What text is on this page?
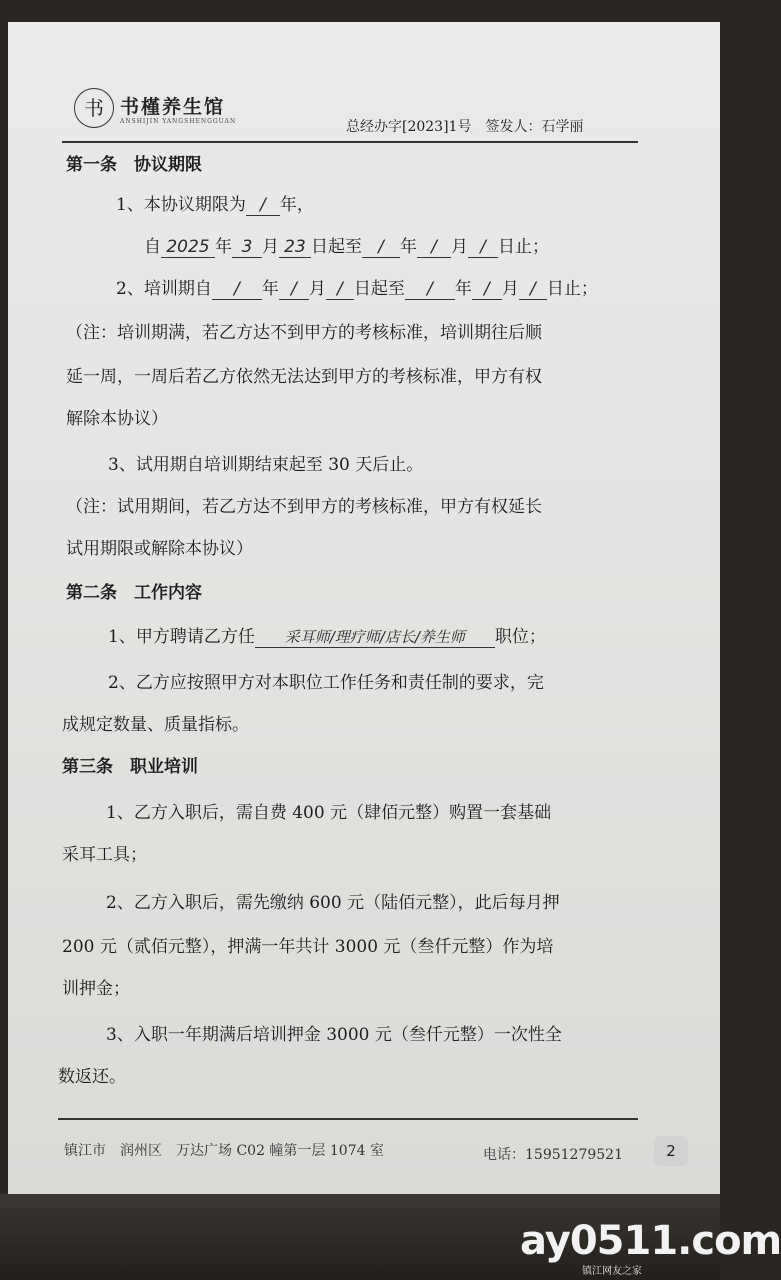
书 书槿养生馆
ANSHIJIN YANGSHENGGUAN	总经办字[2023]1号　签发人：石学丽
第一条　协议期限
1、本协议期限为 / 年，
自 2025 年 3 月 23 日起至 / 年 / 月 / 日止；
2、培训期自 / 年 / 月 / 日起至 / 年 / 月 / 日止；
（注：培训期满，若乙方达不到甲方的考核标准，培训期往后顺
延一周，一周后若乙方依然无法达到甲方的考核标准，甲方有权
解除本协议）
3、试用期自培训期结束起至 30 天后止。
（注：试用期间，若乙方达不到甲方的考核标准，甲方有权延长
试用期限或解除本协议）
第二条　工作内容
1、甲方聘请乙方任 采耳师/理疗师/店长/养生师 职位；
2、乙方应按照甲方对本职位工作任务和责任制的要求，完
成规定数量、质量指标。
第三条　职业培训
1、乙方入职后，需自费 400 元（肆佰元整）购置一套基础
采耳工具；
2、乙方入职后，需先缴纳 600 元（陆佰元整），此后每月押
200 元（贰佰元整），押满一年共计 3000 元（叁仟元整）作为培
训押金；
3、入职一年期满后培训押金 3000 元（叁仟元整）一次性全
数返还。
镇江市　润州区　万达广场 C02 幢第一层 1074 室	电话：15951279521	2
ay0511.com
镇江网友之家
